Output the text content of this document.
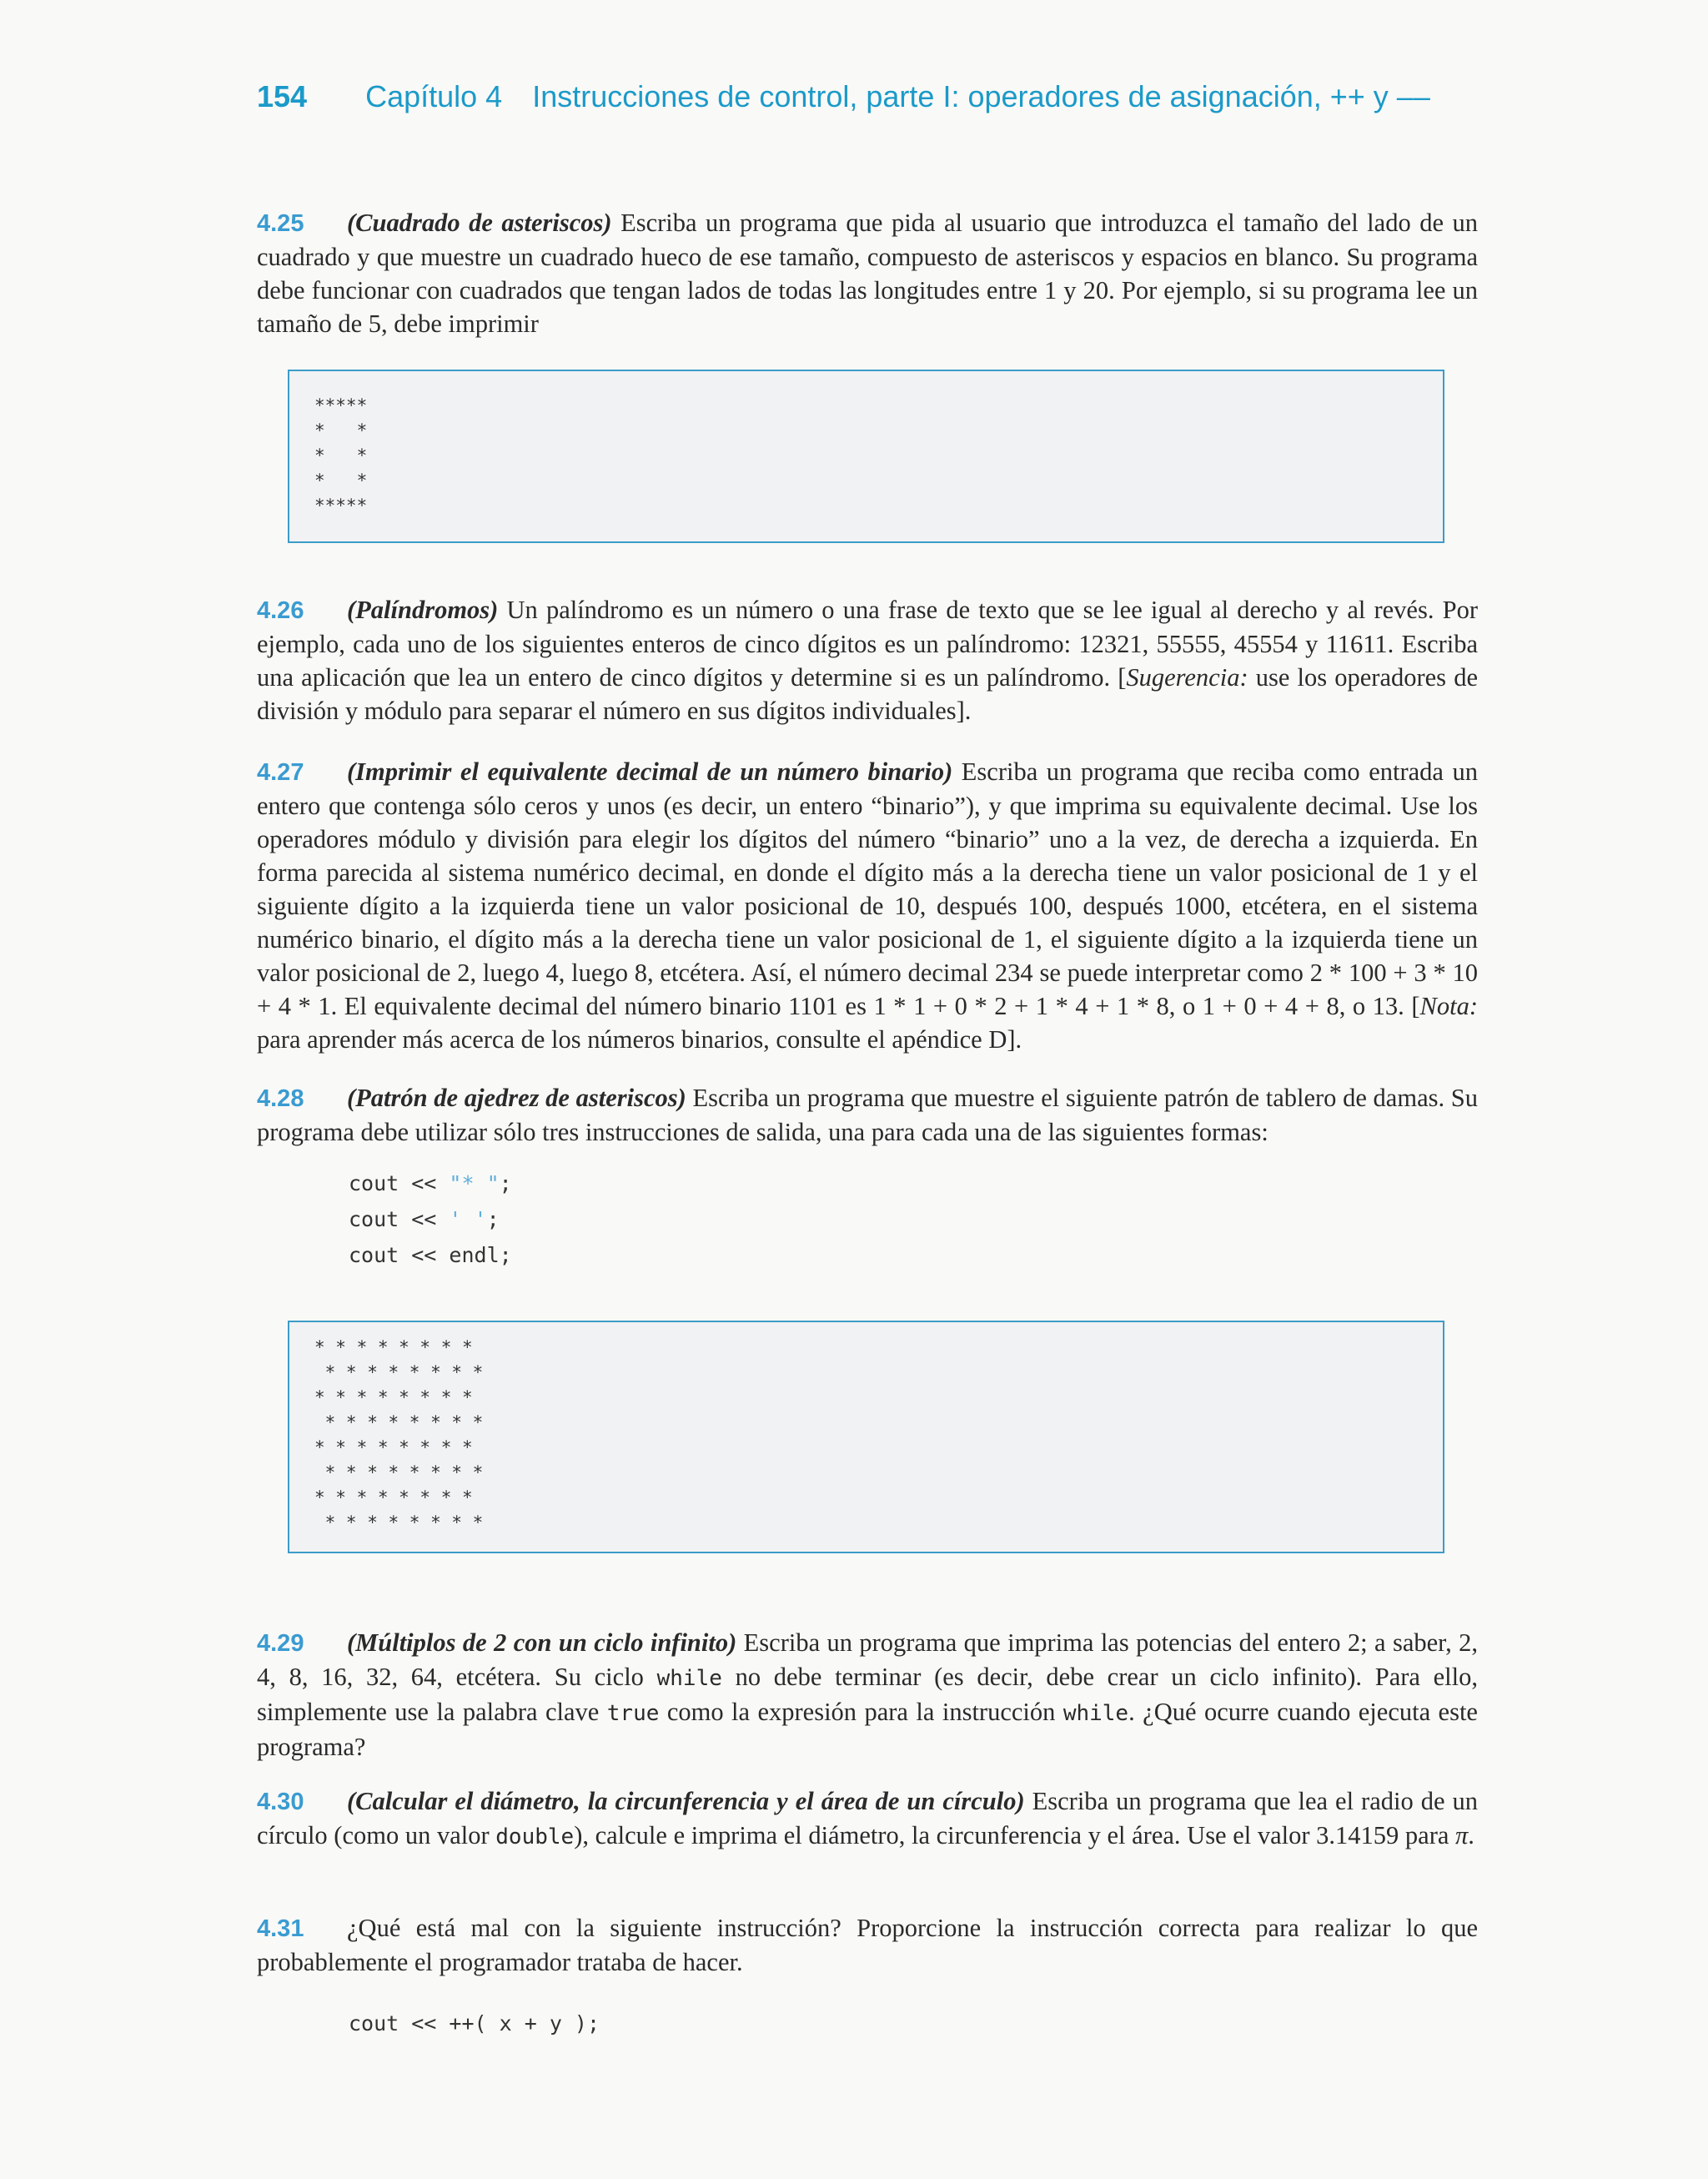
154 Capítulo 4 Instrucciones de control, parte I: operadores de asignación, ++ y ––

4.25 (Cuadrado de asteriscos) Escriba un programa que pida al usuario que introduzca el tamaño del lado de un cuadrado y que muestre un cuadrado hueco de ese tamaño, compuesto de asteriscos y espacios en blanco. Su programa debe funcionar con cuadrados que tengan lados de todas las longitudes entre 1 y 20. Por ejemplo, si su programa lee un tamaño de 5, debe imprimir

*****
*   *
*   *
*   *
*****

4.26 (Palíndromos) Un palíndromo es un número o una frase de texto que se lee igual al derecho y al revés. Por ejemplo, cada uno de los siguientes enteros de cinco dígitos es un palíndromo: 12321, 55555, 45554 y 11611. Escriba una aplicación que lea un entero de cinco dígitos y determine si es un palíndromo. [Sugerencia: use los operadores de división y módulo para separar el número en sus dígitos individuales].

4.27 (Imprimir el equivalente decimal de un número binario) Escriba un programa que reciba como entrada un entero que contenga sólo ceros y unos (es decir, un entero “binario”), y que imprima su equivalente decimal. Use los operadores módulo y división para elegir los dígitos del número “binario” uno a la vez, de derecha a izquierda. En forma parecida al sistema numérico decimal, en donde el dígito más a la derecha tiene un valor posicional de 1 y el siguiente dígito a la izquierda tiene un valor posicional de 10, después 100, después 1000, etcétera, en el sistema numérico binario, el dígito más a la derecha tiene un valor posicional de 1, el siguiente dígito a la izquierda tiene un valor posicional de 2, luego 4, luego 8, etcétera. Así, el número decimal 234 se puede interpretar como 2 * 100 + 3 * 10 + 4 * 1. El equivalente decimal del número binario 1101 es 1 * 1 + 0 * 2 + 1 * 4 + 1 * 8, o 1 + 0 + 4 + 8, o 13. [Nota: para aprender más acerca de los números binarios, consulte el apéndice D].

4.28 (Patrón de ajedrez de asteriscos) Escriba un programa que muestre el siguiente patrón de tablero de damas. Su programa debe utilizar sólo tres instrucciones de salida, una para cada una de las siguientes formas:

cout << "* ";
cout << ' ';
cout << endl;
* * * * * * * *
* * * * * * * *
* * * * * * * *
* * * * * * * *
* * * * * * * *
* * * * * * * *
* * * * * * * *
* * * * * * * *

4.29 (Múltiplos de 2 con un ciclo infinito) Escriba un programa que imprima las potencias del entero 2; a saber, 2, 4, 8, 16, 32, 64, etcétera. Su ciclo while no debe terminar (es decir, debe crear un ciclo infinito). Para ello, simplemente use la palabra clave true como la expresión para la instrucción while. ¿Qué ocurre cuando ejecuta este programa?

4.30 (Calcular el diámetro, la circunferencia y el área de un círculo) Escriba un programa que lea el radio de un círculo (como un valor double), calcule e imprima el diámetro, la circunferencia y el área. Use el valor 3.14159 para π.

4.31 ¿Qué está mal con la siguiente instrucción? Proporcione la instrucción correcta para realizar lo que probablemente el programador trataba de hacer.

cout << ++( x + y );
